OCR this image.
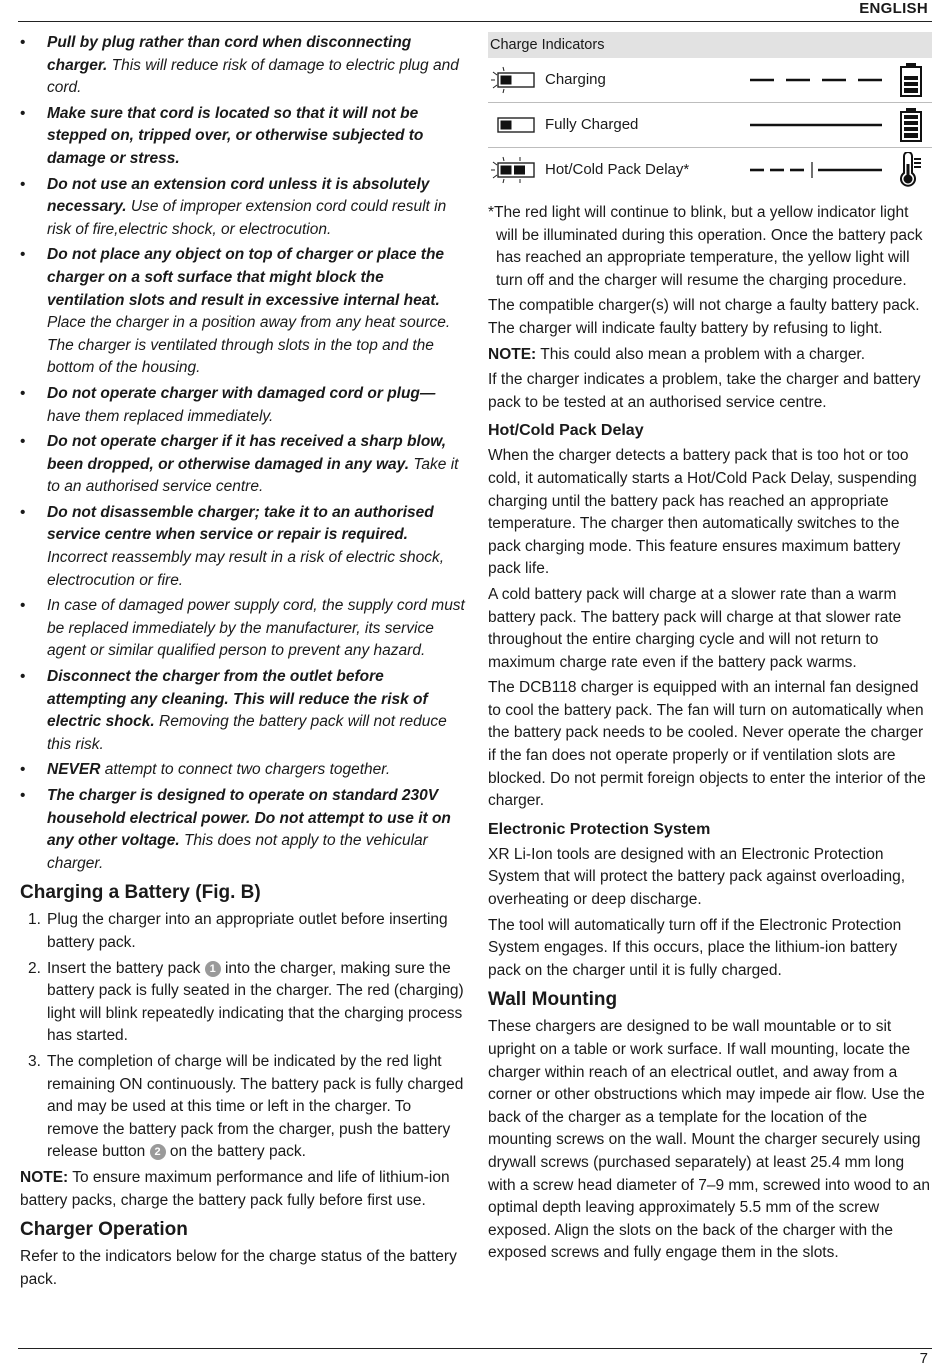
ENGLISH
• Pull by plug rather than cord when disconnecting charger. This will reduce risk of damage to electric plug and cord.
• Make sure that cord is located so that it will not be stepped on, tripped over, or otherwise subjected to damage or stress.
• Do not use an extension cord unless it is absolutely necessary. Use of improper extension cord could result in risk of fire,electric shock, or electrocution.
• Do not place any object on top of charger or place the charger on a soft surface that might block the ventilation slots and result in excessive internal heat. Place the charger in a position away from any heat source. The charger is ventilated through slots in the top and the bottom of the housing.
• Do not operate charger with damaged cord or plug— have them replaced immediately.
• Do not operate charger if it has received a sharp blow, been dropped, or otherwise damaged in any way. Take it to an authorised service centre.
• Do not disassemble charger; take it to an authorised service centre when service or repair is required. Incorrect reassembly may result in a risk of electric shock, electrocution or fire.
• In case of damaged power supply cord, the supply cord must be replaced immediately by the manufacturer, its service agent or similar qualified person to prevent any hazard.
• Disconnect the charger from the outlet before attempting any cleaning. This will reduce the risk of electric shock. Removing the battery pack will not reduce this risk.
• NEVER attempt to connect two chargers together.
• The charger is designed to operate on standard 230V household electrical power. Do not attempt to use it on any other voltage. This does not apply to the vehicular charger.
Charging a Battery (Fig. B)
1. Plug the charger into an appropriate outlet before inserting battery pack.
2. Insert the battery pack 1 into the charger, making sure the battery pack is fully seated in the charger. The red (charging) light will blink repeatedly indicating that the charging process has started.
3. The completion of charge will be indicated by the red light remaining ON continuously. The battery pack is fully charged and may be used at this time or left in the charger. To remove the battery pack from the charger, push the battery release button 2 on the battery pack.

NOTE: To ensure maximum performance and life of lithium-ion battery packs, charge the battery pack fully before first use.

Charger Operation

Refer to the indicators below for the charge status of the battery pack.

Charge Indicators
Charging
Fully Charged
Hot/Cold Pack Delay*

*The red light will continue to blink, but a yellow indicator light will be illuminated during this operation. Once the battery pack has reached an appropriate temperature, the yellow light will turn off and the charger will resume the charging procedure.

The compatible charger(s) will not charge a faulty battery pack. The charger will indicate faulty battery by refusing to light.

NOTE: This could also mean a problem with a charger.

If the charger indicates a problem, take the charger and battery pack to be tested at an authorised service centre.

Hot/Cold Pack Delay

When the charger detects a battery pack that is too hot or too cold, it automatically starts a Hot/Cold Pack Delay, suspending charging until the battery pack has reached an appropriate temperature. The charger then automatically switches to the pack charging mode. This feature ensures maximum battery pack life.

A cold battery pack will charge at a slower rate than a warm battery pack. The battery pack will charge at that slower rate throughout the entire charging cycle and will not return to maximum charge rate even if the battery pack warms.

The DCB118 charger is equipped with an internal fan designed to cool the battery pack. The fan will turn on automatically when the battery pack needs to be cooled. Never operate the charger if the fan does not operate properly or if ventilation slots are blocked. Do not permit foreign objects to enter the interior of the charger.

Electronic Protection System

XR Li-Ion tools are designed with an Electronic Protection System that will protect the battery pack against overloading, overheating or deep discharge.

The tool will automatically turn off if the Electronic Protection System engages. If this occurs, place the lithium-ion battery pack on the charger until it is fully charged.

Wall Mounting

These chargers are designed to be wall mountable or to sit upright on a table or work surface. If wall mounting, locate the charger within reach of an electrical outlet, and away from a corner or other obstructions which may impede air flow. Use the back of the charger as a template for the location of the mounting screws on the wall. Mount the charger securely using drywall screws (purchased separately) at least 25.4 mm long with a screw head diameter of 7–9 mm, screwed into wood to an optimal depth leaving approximately 5.5 mm of the screw exposed. Align the slots on the back of the charger with the exposed screws and fully engage them in the slots.

7
